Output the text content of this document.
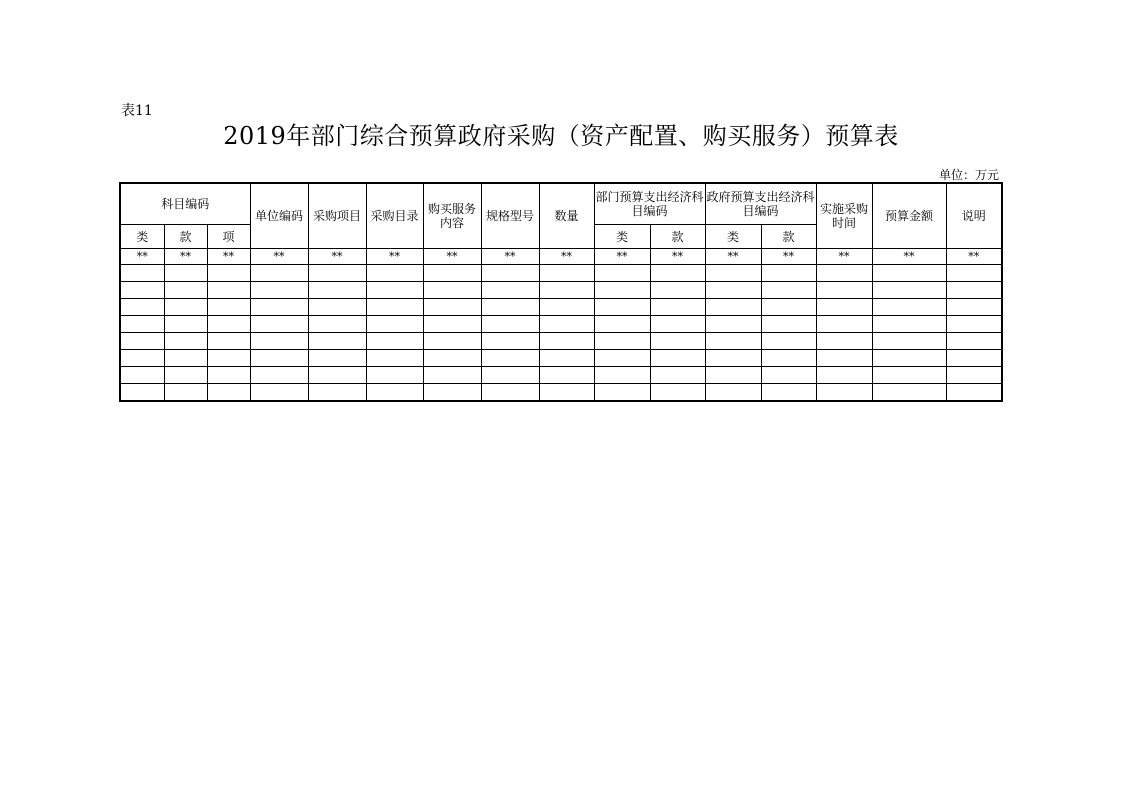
表11
2019年部门综合预算政府采购（资产配置、购买服务）预算表
单位：万元
科目编码			单位编码	采购项目	采购目录	购买服务内容	规格型号	数量	部门预算支出经济科目编码		政府预算支出经济科目编码		实施采购时间	预算金额	说明
类	款	项							类	款	类	款			
**	**	**	**	**	**	**	**	**	**	**	**	**	**	**	**
